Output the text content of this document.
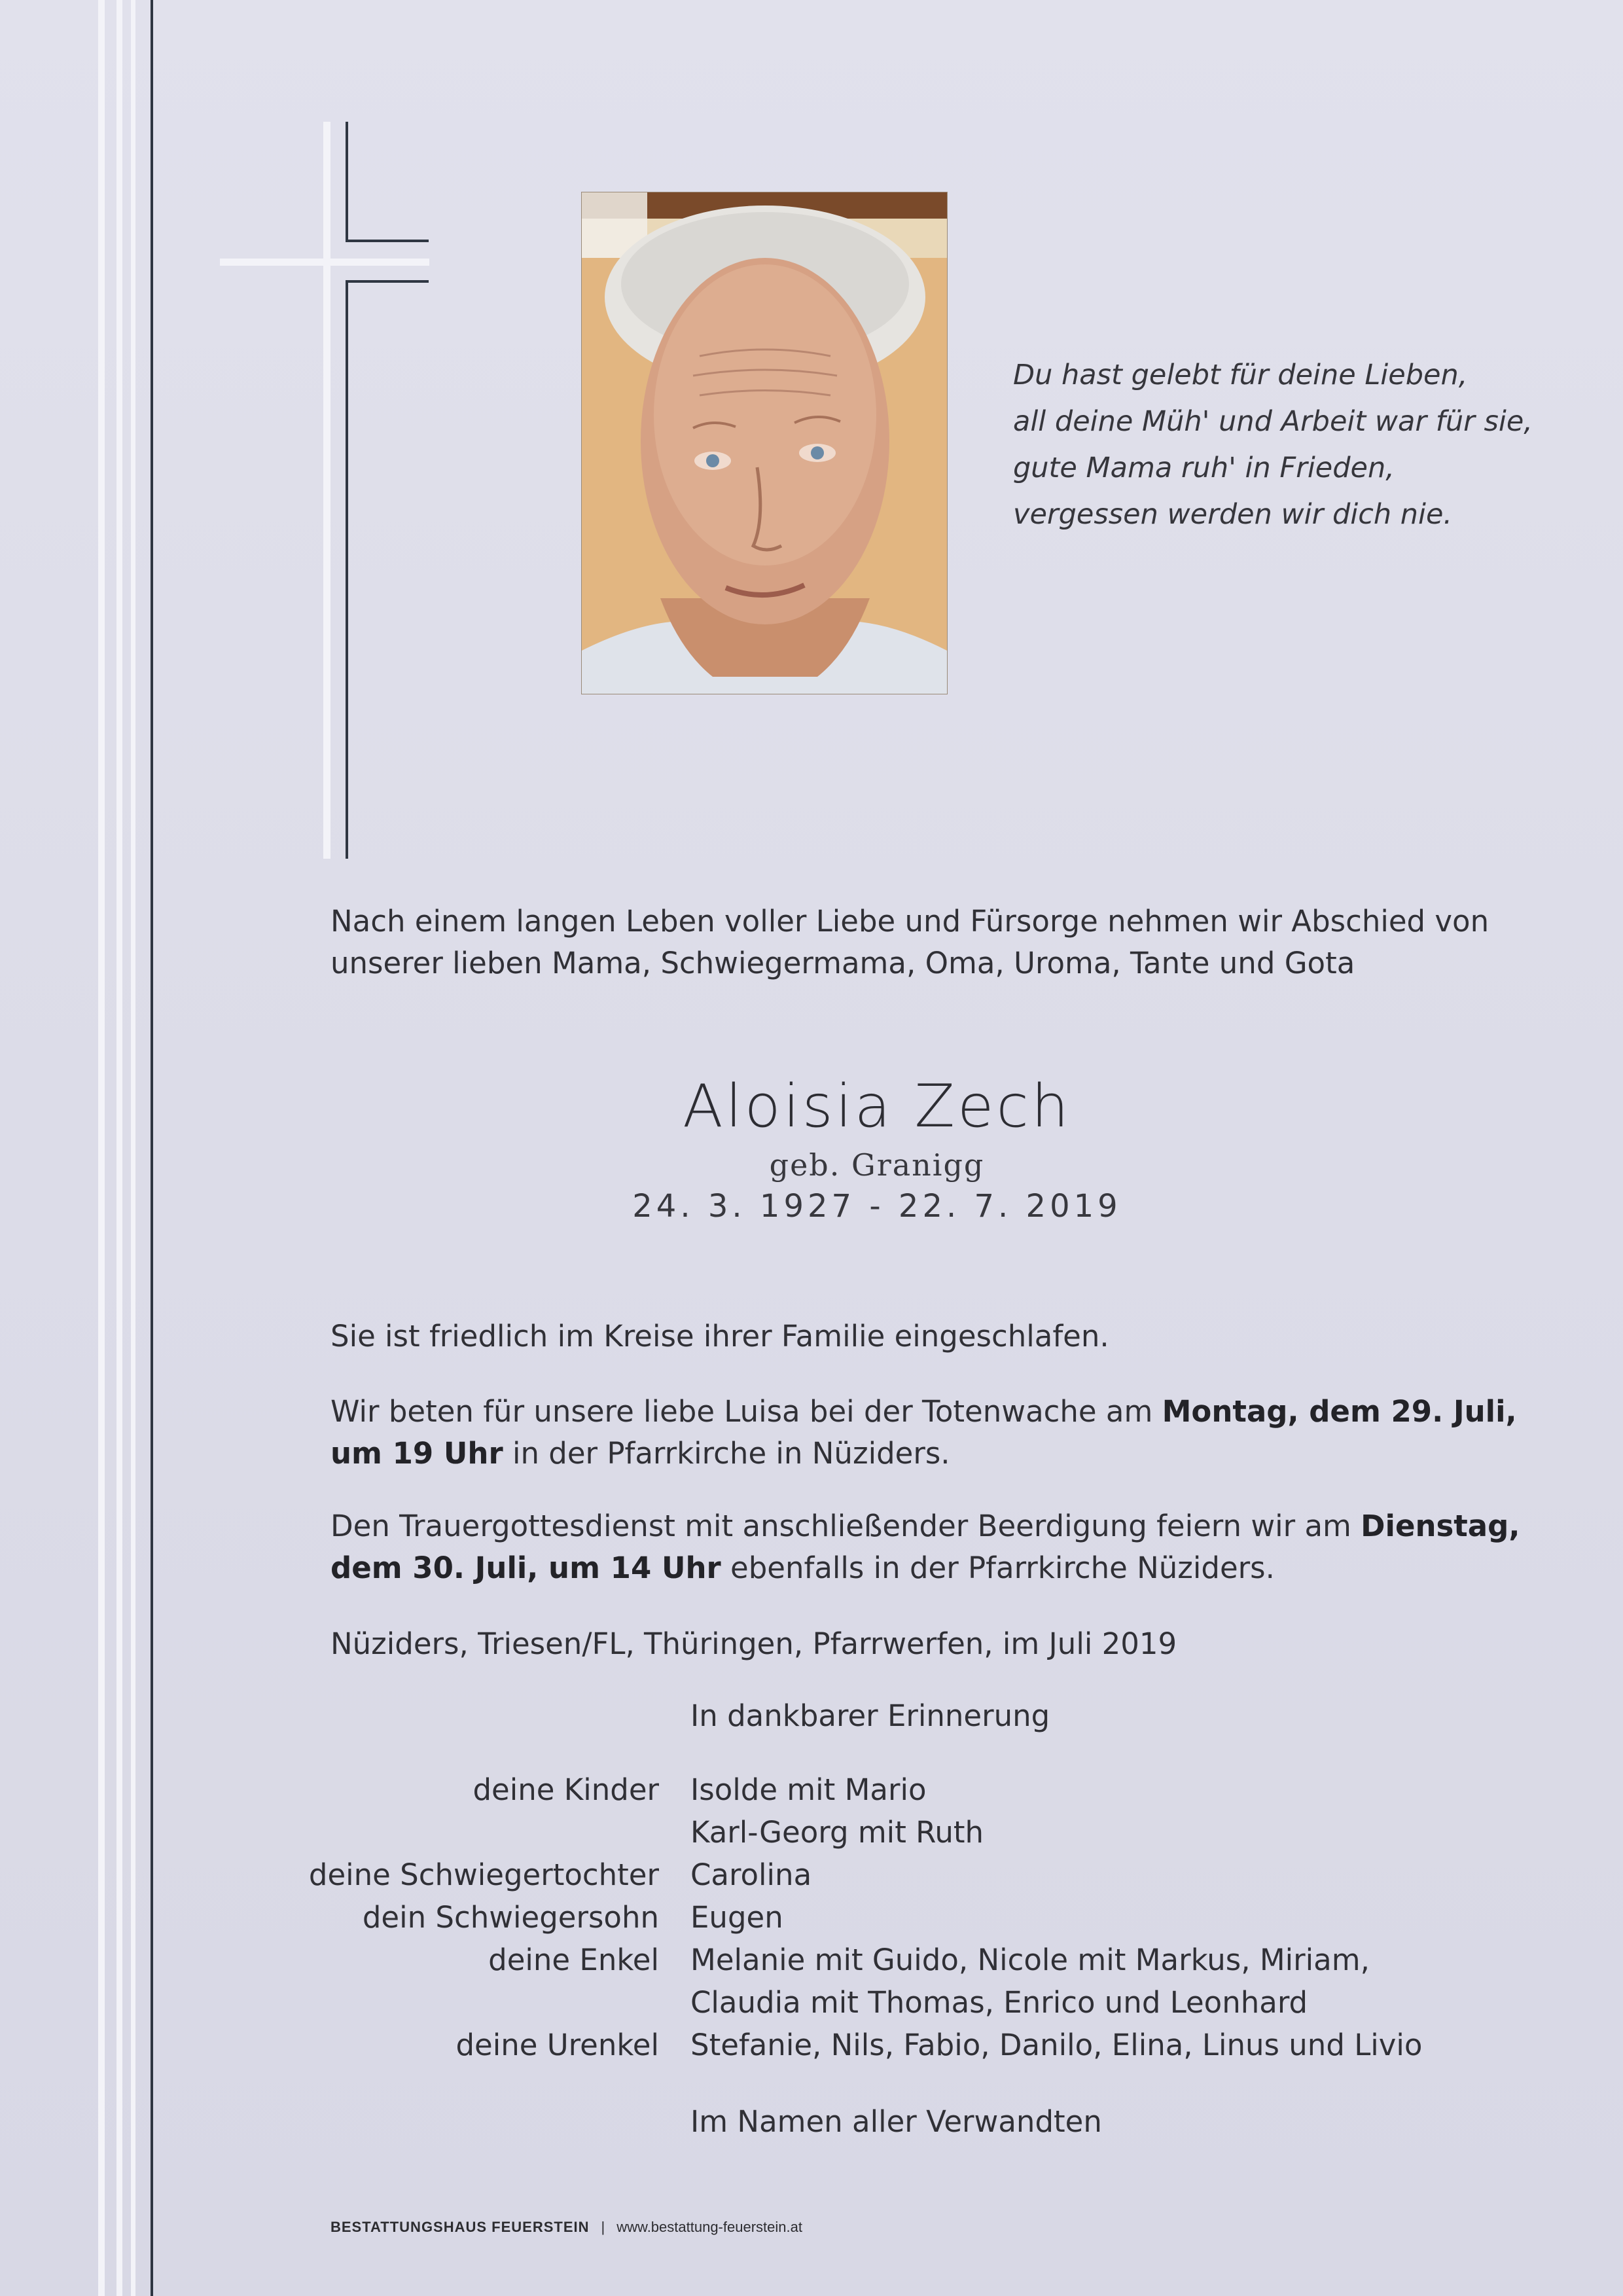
Du hast gelebt für deine Lieben,
all deine Müh' und Arbeit war für sie,
gute Mama ruh' in Frieden,
vergessen werden wir dich nie.
Nach einem langen Leben voller Liebe und Fürsorge nehmen wir Abschied von
unserer lieben Mama, Schwiegermama, Oma, Uroma, Tante und Gota
Aloisia Zech
geb. Granigg
24. 3. 1927 - 22. 7. 2019
Sie ist friedlich im Kreise ihrer Familie eingeschlafen.
Wir beten für unsere liebe Luisa bei der Totenwache am Montag, dem 29. Juli,
um 19 Uhr in der Pfarrkirche in Nüziders.
Den Trauergottesdienst mit anschließender Beerdigung feiern wir am Dienstag,
dem 30. Juli, um 14 Uhr ebenfalls in der Pfarrkirche Nüziders.
Nüziders, Triesen/FL, Thüringen, Pfarrwerfen, im Juli 2019
In dankbarer Erinnerung
deine Kinder Isolde mit Mario
Karl-Georg mit Ruth
deine Schwiegertochter Carolina
dein Schwiegersohn Eugen
deine Enkel Melanie mit Guido, Nicole mit Markus, Miriam,
Claudia mit Thomas, Enrico und Leonhard
deine Urenkel Stefanie, Nils, Fabio, Danilo, Elina, Linus und Livio
Im Namen aller Verwandten
BESTATTUNGSHAUS FEUERSTEIN | www.bestattung-feuerstein.at
